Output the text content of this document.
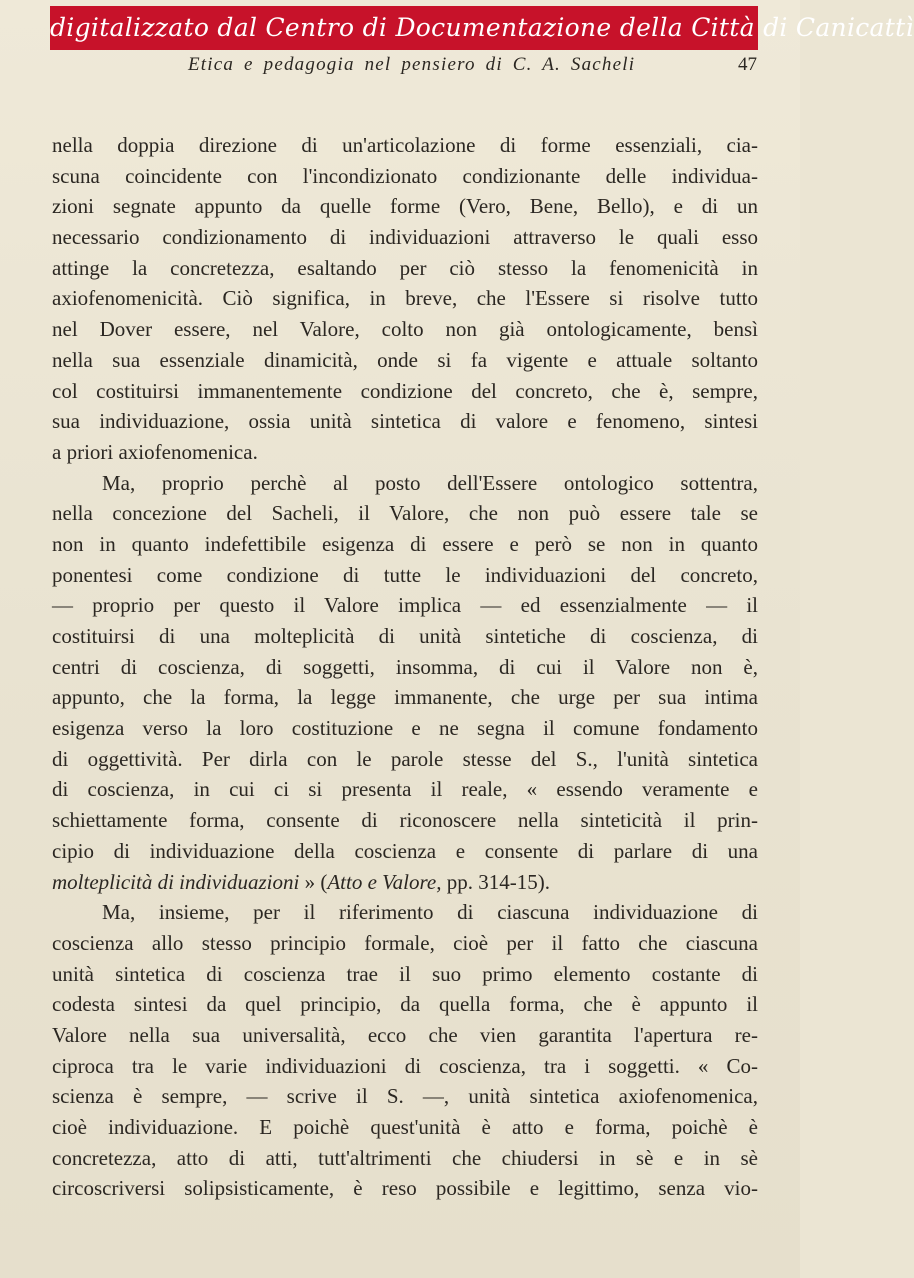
digitalizzato dal Centro di Documentazione della Città di Canicattì
Etica e pedagogia nel pensiero di C. A. Sacheli	47
nella doppia direzione di un'articolazione di forme essenziali, cia-
scuna coincidente con l'incondizionato condizionante delle individua-
zioni segnate appunto da quelle forme (Vero, Bene, Bello), e di un
necessario condizionamento di individuazioni attraverso le quali esso
attinge la concretezza, esaltando per ciò stesso la fenomenicità in
axiofenomenicità. Ciò significa, in breve, che l'Essere si risolve tutto
nel Dover essere, nel Valore, colto non già ontologicamente, bensì
nella sua essenziale dinamicità, onde si fa vigente e attuale soltanto
col costituirsi immanentemente condizione del concreto, che è, sempre,
sua individuazione, ossia unità sintetica di valore e fenomeno, sintesi
a priori axiofenomenica.
Ma, proprio perchè al posto dell'Essere ontologico sottentra,
nella concezione del Sacheli, il Valore, che non può essere tale se
non in quanto indefettibile esigenza di essere e però se non in quanto
ponentesi come condizione di tutte le individuazioni del concreto,
— proprio per questo il Valore implica — ed essenzialmente — il
costituirsi di una molteplicità di unità sintetiche di coscienza, di
centri di coscienza, di soggetti, insomma, di cui il Valore non è,
appunto, che la forma, la legge immanente, che urge per sua intima
esigenza verso la loro costituzione e ne segna il comune fondamento
di oggettività. Per dirla con le parole stesse del S., l'unità sintetica
di coscienza, in cui ci si presenta il reale, « essendo veramente e
schiettamente forma, consente di riconoscere nella sinteticità il prin-
cipio di individuazione della coscienza e consente di parlare di una
molteplicità di individuazioni » (Atto e Valore, pp. 314-15).
Ma, insieme, per il riferimento di ciascuna individuazione di
coscienza allo stesso principio formale, cioè per il fatto che ciascuna
unità sintetica di coscienza trae il suo primo elemento costante di
codesta sintesi da quel principio, da quella forma, che è appunto il
Valore nella sua universalità, ecco che vien garantita l'apertura re-
ciproca tra le varie individuazioni di coscienza, tra i soggetti. « Co-
scienza è sempre, — scrive il S. —, unità sintetica axiofenomenica,
cioè individuazione. E poichè quest'unità è atto e forma, poichè è
concretezza, atto di atti, tutt'altrimenti che chiudersi in sè e in sè
circoscriversi solipsisticamente, è reso possibile e legittimo, senza vio-
